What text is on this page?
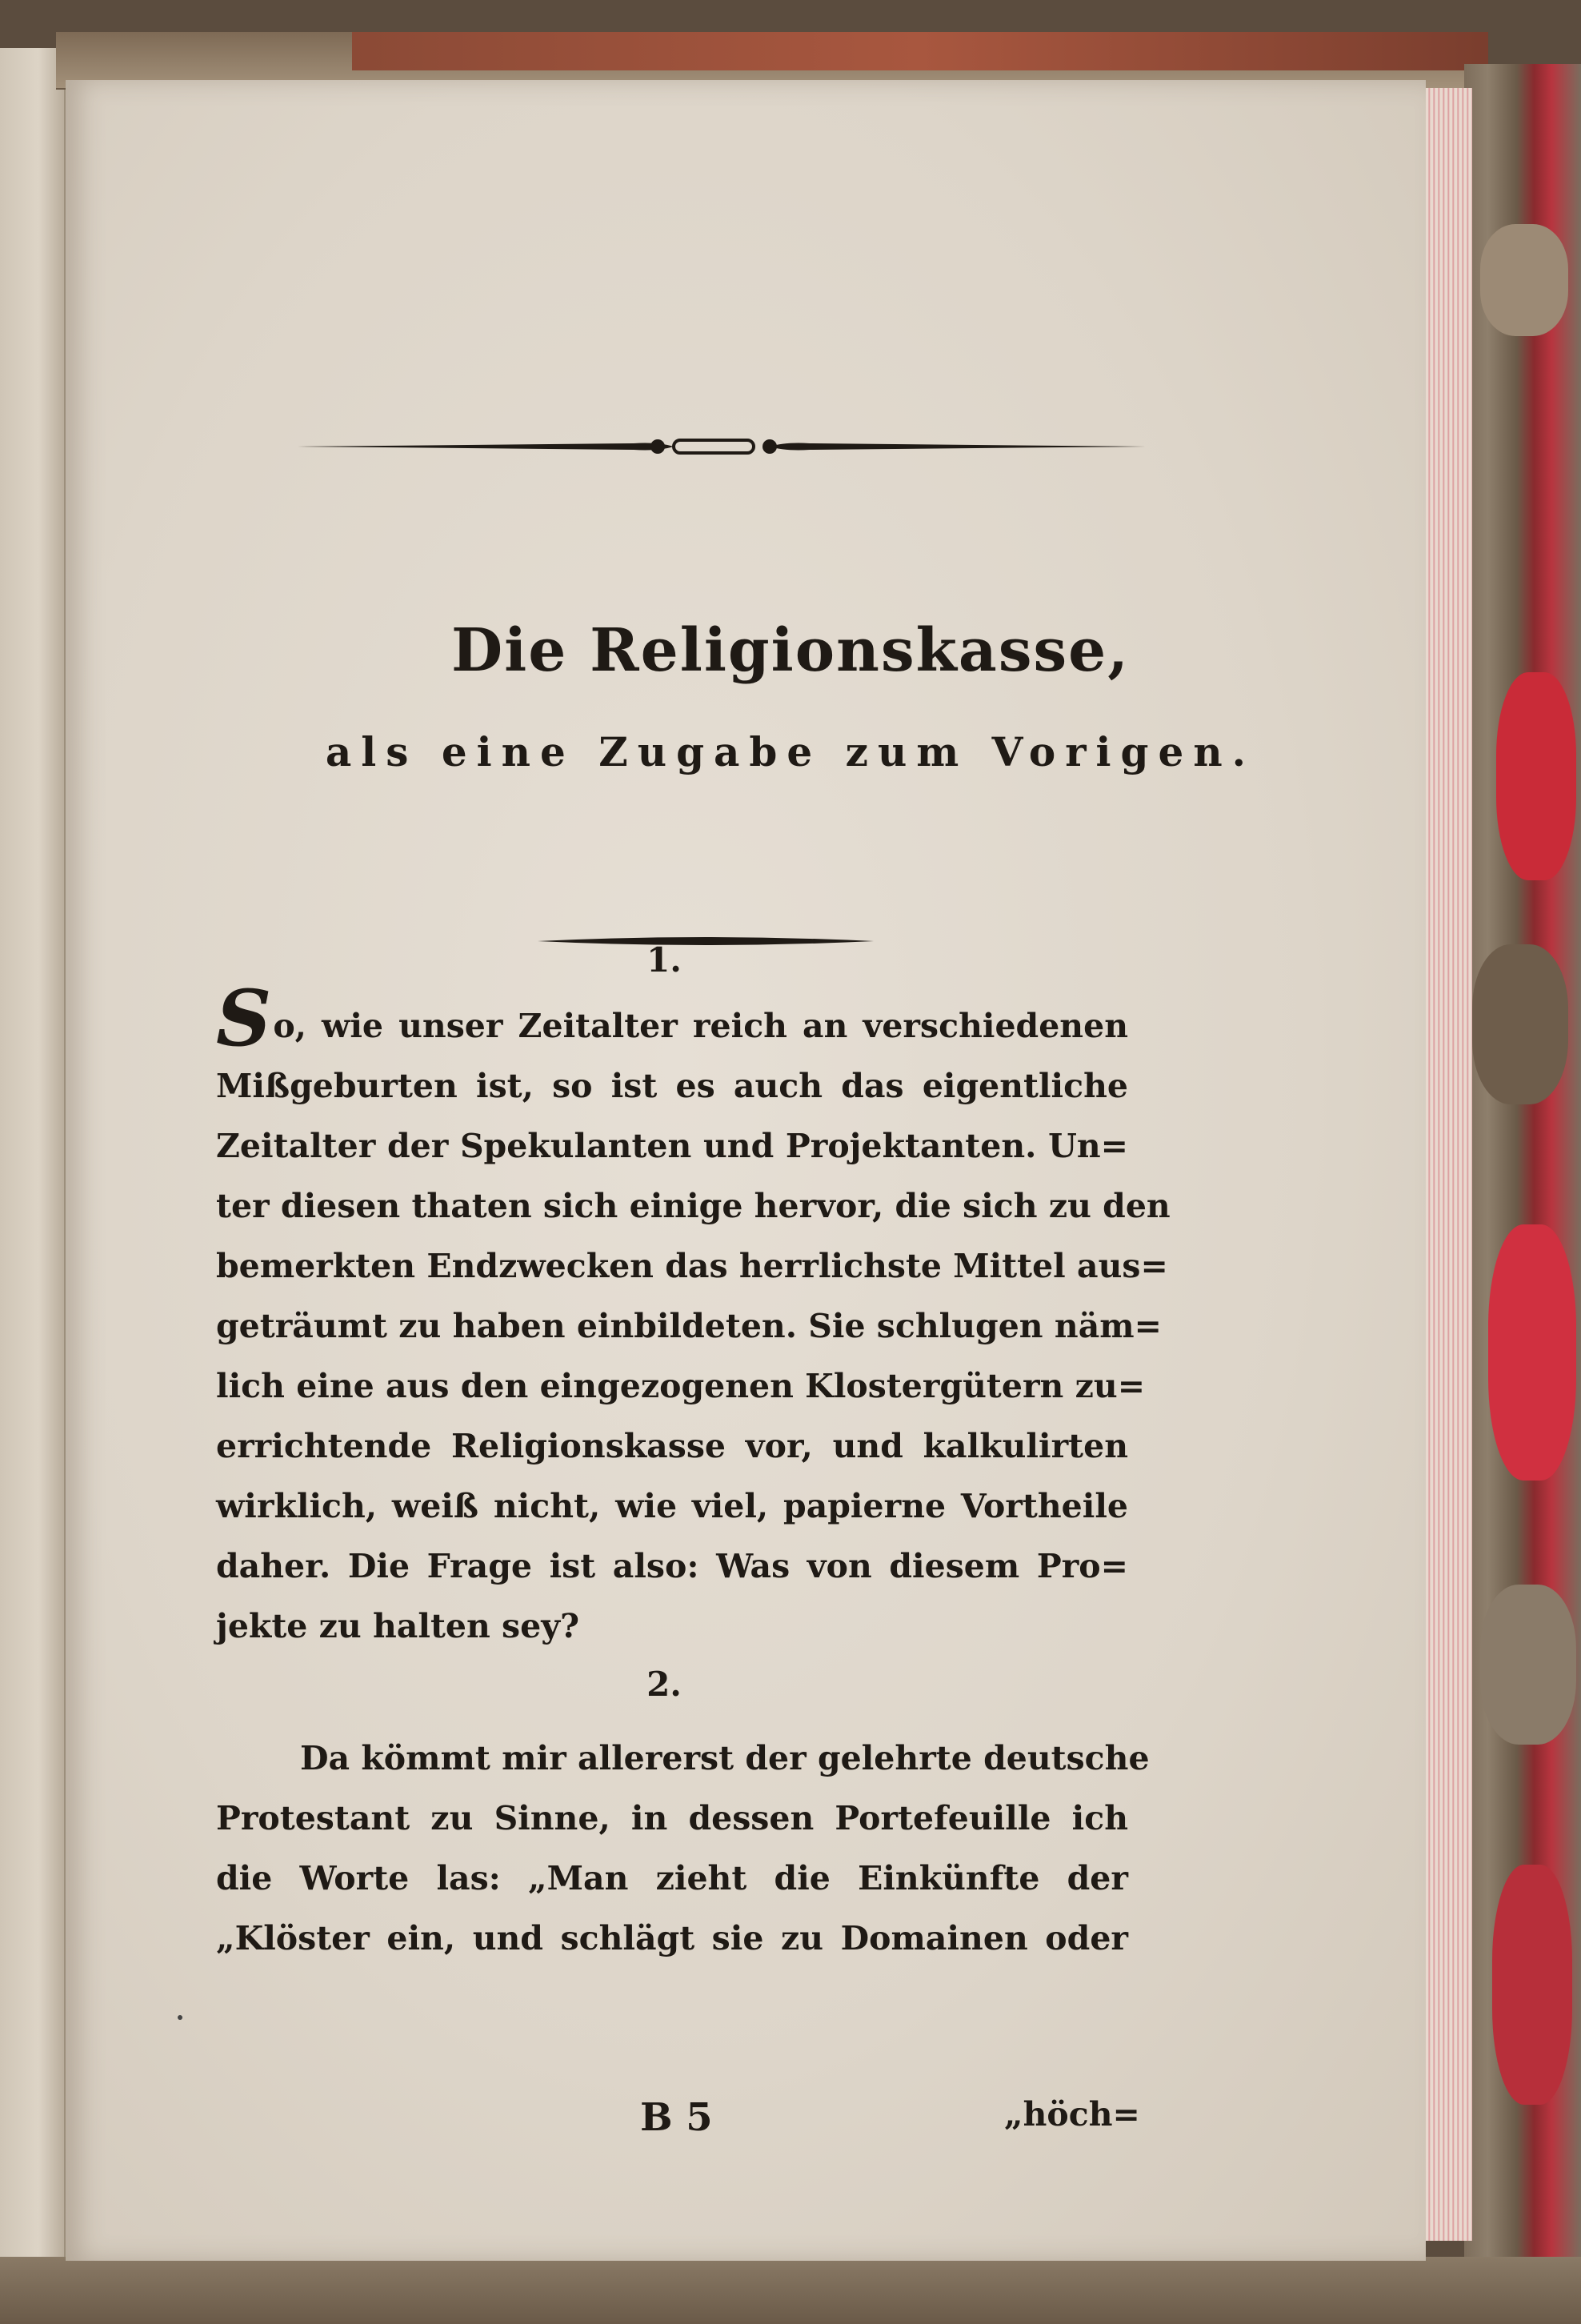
Die Religionskasse,
als eine Zugabe zum Vorigen.
1.
So, wie unser Zeitalter reich an verschiedenen
Mißgeburten ist, so ist es auch das eigentliche
Zeitalter der Spekulanten und Projektanten. Un=
ter diesen thaten sich einige hervor, die sich zu den
bemerkten Endzwecken das herrlichste Mittel aus=
geträumt zu haben einbildeten. Sie schlugen näm=
lich eine aus den eingezogenen Klostergütern zu=
errichtende Religionskasse vor, und kalkulirten
wirklich, weiß nicht, wie viel, papierne Vortheile
daher. Die Frage ist also: Was von diesem Pro=
jekte zu halten sey?
2.
Da kömmt mir allererst der gelehrte deutsche
Protestant zu Sinne, in dessen Portefeuille ich
die Worte las: „Man zieht die Einkünfte der
„Klöster ein, und schlägt sie zu Domainen oder
B 5	„höch=
